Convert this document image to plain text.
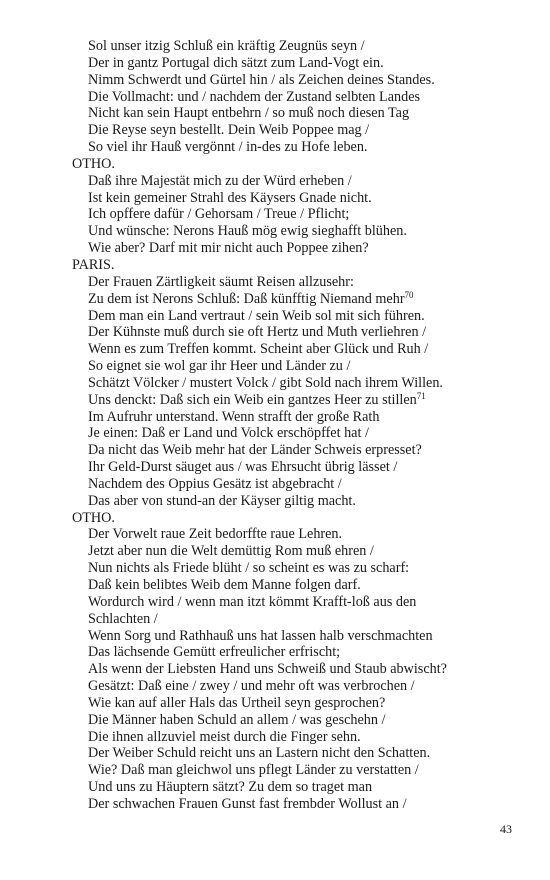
Sol unser itzig Schluß ein kräftig Zeugnüs seyn /
Der in gantz Portugal dich sätzt zum Land-Vogt ein.
Nimm Schwerdt und Gürtel hin / als Zeichen deines Standes.
Die Vollmacht: und / nachdem der Zustand selbten Landes
Nicht kan sein Haupt entbehrn / so muß noch diesen Tag
Die Reyse seyn bestellt. Dein Weib Poppee mag /
So viel ihr Hauß vergönnt / in-des zu Hofe leben.
OTHO.
Daß ihre Majestät mich zu der Würd erheben /
Ist kein gemeiner Strahl des Käysers Gnade nicht.
Ich opffere dafür / Gehorsam / Treue / Pflicht;
Und wünsche: Nerons Hauß mög ewig sieghafft blühen.
Wie aber? Darf mit mir nicht auch Poppee zihen?
PARIS.
Der Frauen Zärtligkeit säumt Reisen allzusehr:
Zu dem ist Nerons Schluß: Daß künfftig Niemand mehr$^{70}$
Dem man ein Land vertraut / sein Weib sol mit sich führen.
Der Kühnste muß durch sie oft Hertz und Muth verliehren /
Wenn es zum Treffen kommt. Scheint aber Glück und Ruh /
So eignet sie wol gar ihr Heer und Länder zu /
Schätzt Völcker / mustert Volck / gibt Sold nach ihrem Willen.
Uns denckt: Daß sich ein Weib ein gantzes Heer zu stillen$^{71}$
Im Aufruhr unterstand. Wenn strafft der große Rath
Je einen: Daß er Land und Volck erschöpffet hat /
Da nicht das Weib mehr hat der Länder Schweis erpresset?
Ihr Geld-Durst säuget aus / was Ehrsucht übrig lässet /
Nachdem des Oppius Gesätz ist abgebracht /
Das aber von stund-an der Käyser giltig macht.
OTHO.
Der Vorwelt raue Zeit bedorffte raue Lehren.
Jetzt aber nun die Welt demüttig Rom muß ehren /
Nun nichts als Friede blüht / so scheint es was zu scharf:
Daß kein belibtes Weib dem Manne folgen darf.
Wordurch wird / wenn man itzt kömmt Krafft-loß aus den
Schlachten /
Wenn Sorg und Rathhauß uns hat lassen halb verschmachten
Das lächsende Gemütt erfreulicher erfrischt;
Als wenn der Liebsten Hand uns Schweiß und Staub abwischt?
Gesätzt: Daß eine / zwey / und mehr oft was verbrochen /
Wie kan auf aller Hals das Urtheil seyn gesprochen?
Die Männer haben Schuld an allem / was geschehn /
Die ihnen allzuviel meist durch die Finger sehn.
Der Weiber Schuld reicht uns an Lastern nicht den Schatten.
Wie? Daß man gleichwol uns pflegt Länder zu verstatten /
Und uns zu Häuptern sätzt? Zu dem so traget man
Der schwachen Frauen Gunst fast frembder Wollust an /
43
